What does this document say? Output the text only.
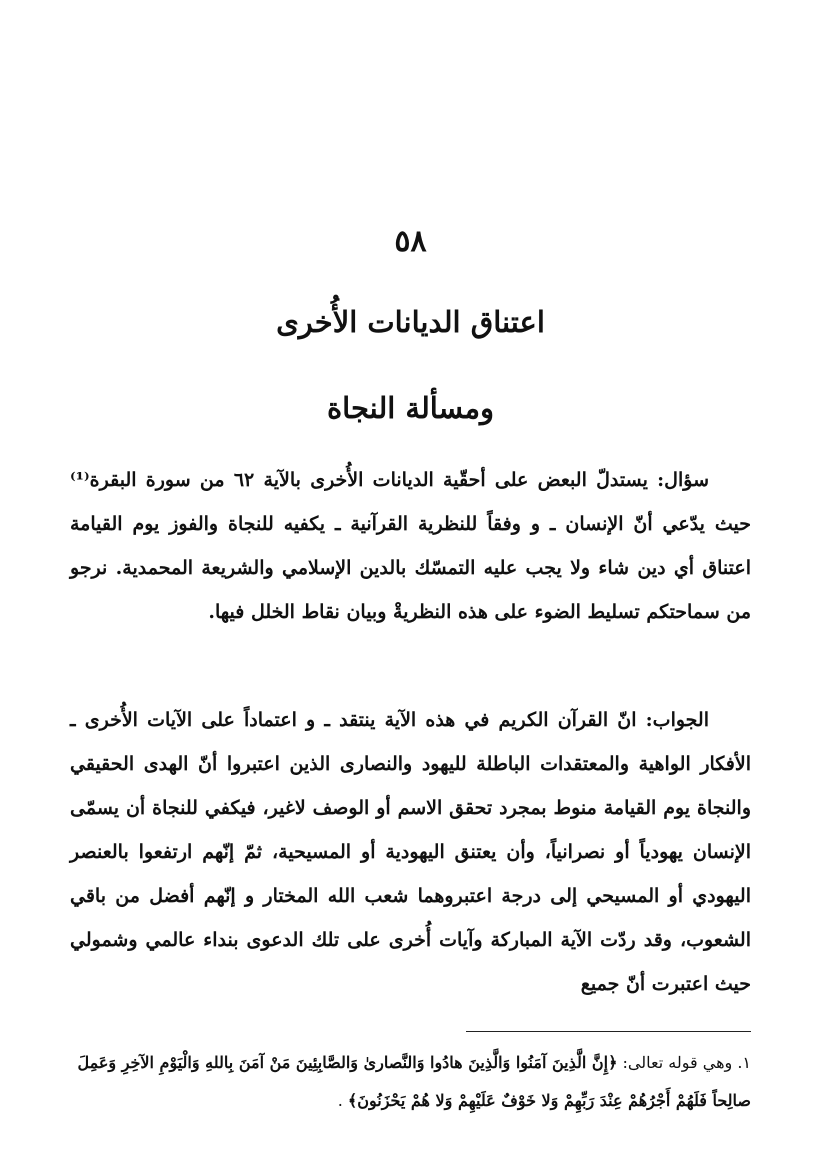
٥٨
اعتناق الديانات الأُخرى
ومسألة النجاة

سؤال: يستدلّ البعض على أحقّية الديانات الأُخرى بالآية ٦٢ من سورة البقرة⁽¹⁾ حيث يدّعي أنّ الإنسان ـ و وفقاً للنظرية القرآنية ـ يكفيه للنجاة والفوز يوم القيامة اعتناق أي دين شاء ولا يجب عليه التمسّك بالدين الإسلامي والشريعة المحمدية. نرجو من سماحتكم تسليط الضوء على هذه النظريةْ وبيان نقاط الخلل فيها.

الجواب: انّ القرآن الكريم في هذه الآية ينتقد ـ و اعتماداً على الآيات الأُخرى ـ الأفكار الواهية والمعتقدات الباطلة لليهود والنصارى الذين اعتبروا أنّ الهدى الحقيقي والنجاة يوم القيامة منوط بمجرد تحقق الاسم أو الوصف لاغير، فيكفي للنجاة أن يسمّى الإنسان يهودياً أو نصرانياً، وأن يعتنق اليهودية أو المسيحية، ثمّ إنّهم ارتفعوا بالعنصر اليهودي أو المسيحي إلى درجة اعتبروهما شعب الله المختار و إنّهم أفضل من باقي الشعوب، وقد ردّت الآية المباركة وآيات أُخرى على تلك الدعوى بنداء عالمي وشمولي حيث اعتبرت أنّ جميع

١. وهي قوله تعالى: ﴿إِنَّ الَّذِينَ آمَنُوا وَالَّذِينَ هادُوا وَالنَّصارىٰ وَالصَّابِئِينَ مَنْ آمَنَ بِاللهِ وَالْيَوْمِ الآخِرِ وَعَمِلَ صالِحاً فَلَهُمْ أَجْرُهُمْ عِنْدَ رَبِّهِمْ وَلا خَوْفٌ عَلَيْهِمْ وَلا هُمْ يَحْزَنُونَ﴾ .
